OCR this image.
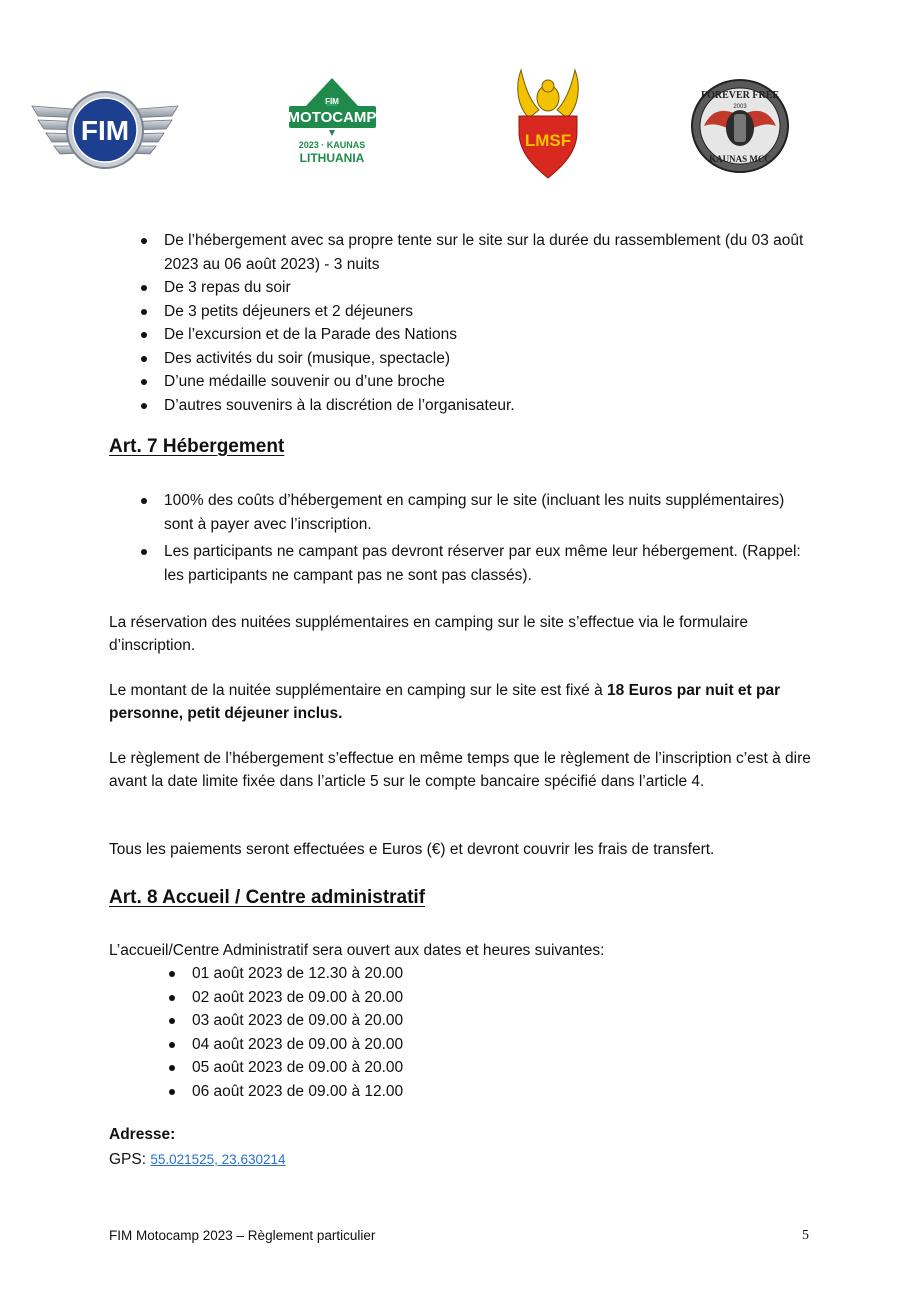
FIM
FIM
MOTOCAMP
2023 · KAUNAS
LITHUANIA
LMSF
FOREVER FREE
2003
KAUNAS MCC
De l’hébergement avec sa propre tente sur le site sur la durée du rassemblement (du 03 août 2023 au 06 août 2023) - 3 nuits
De 3 repas du soir
De 3 petits déjeuners et 2 déjeuners
De l’excursion et de la Parade des Nations
Des activités du soir (musique, spectacle)
D’une médaille souvenir ou d’une broche
D’autres souvenirs à la discrétion de l’organisateur.
Art. 7 Hébergement
100% des coûts d’hébergement en camping sur le site (incluant les nuits supplémentaires) sont à payer avec l’inscription.
Les participants ne campant pas devront réserver par eux même leur hébergement. (Rappel: les participants ne campant pas ne sont pas classés).

La réservation des nuitées supplémentaires en camping sur le site s’effectue via le formulaire d’inscription.

Le montant de la nuitée supplémentaire en camping sur le site est fixé à 18 Euros par nuit et par personne, petit déjeuner inclus.

Le règlement de l’hébergement s’effectue en même temps que le règlement de l’inscription c’est à dire avant la date limite fixée dans l’article 5 sur le compte bancaire spécifié dans l’article 4.

Tous les paiements seront effectuées e Euros (€) et devront couvrir les frais de transfert.

Art. 8 Accueil / Centre administratif

L’accueil/Centre Administratif sera ouvert aux dates et heures suivantes:

01 août 2023 de 12.30 à 20.00
02 août 2023 de 09.00 à 20.00
03 août 2023 de 09.00 à 20.00
04 août 2023 de 09.00 à 20.00
05 août 2023 de 09.00 à 20.00
06 août 2023 de 09.00 à 12.00
Adresse:
GPS: 55.021525, 23.630214
FIM Motocamp 2023 – Règlement particulier	5
